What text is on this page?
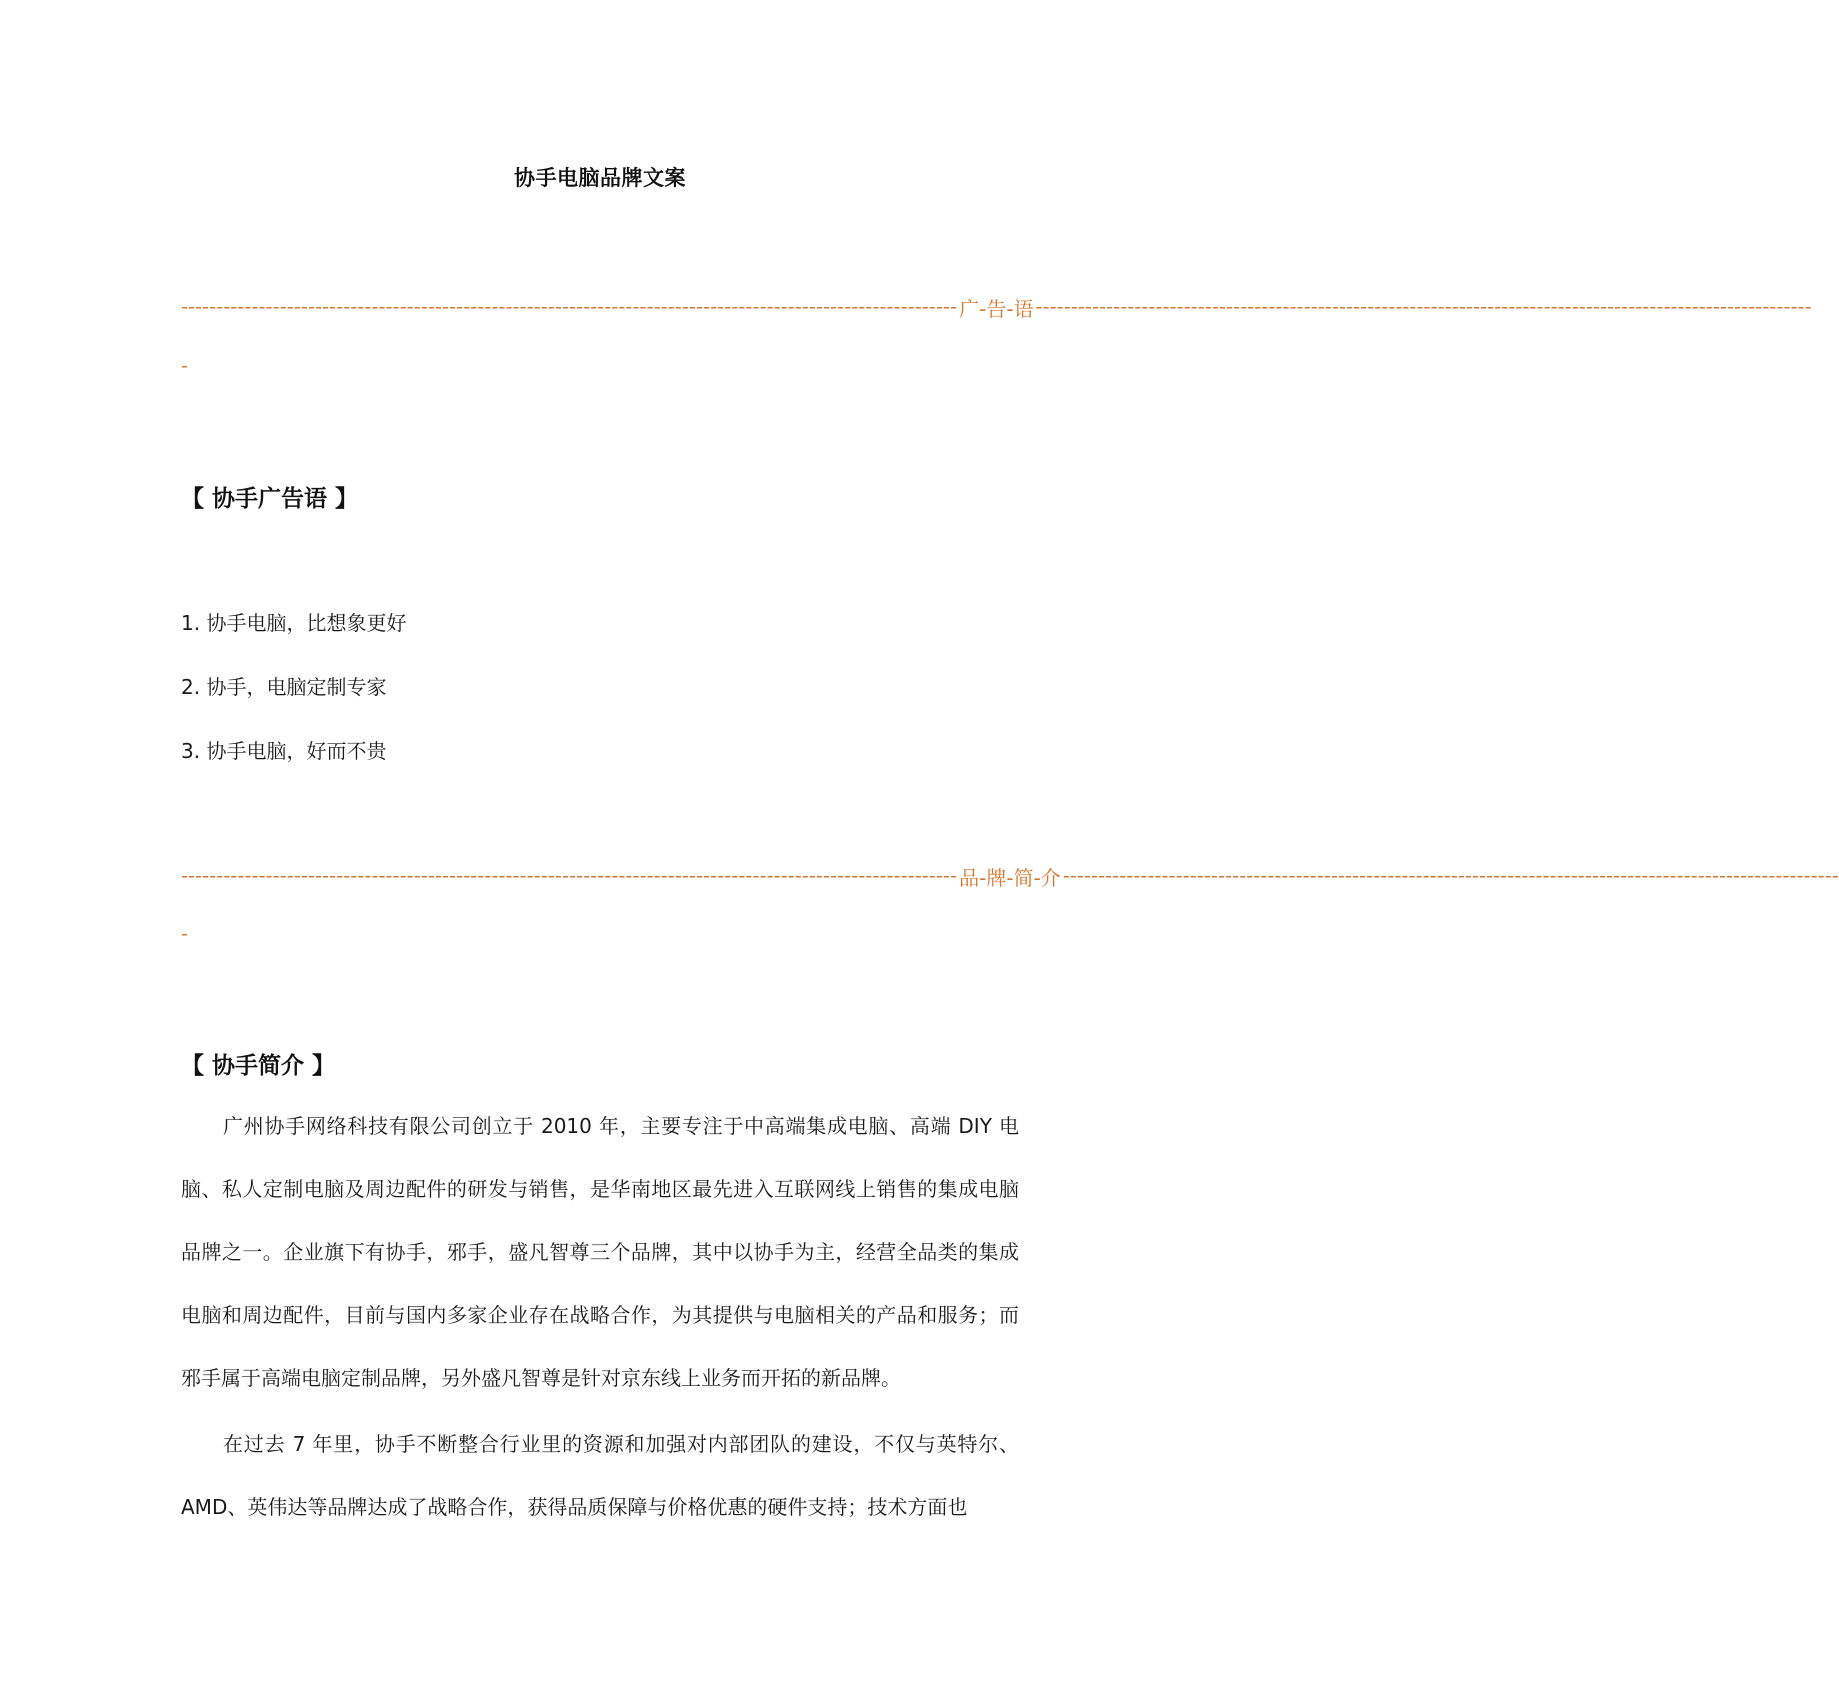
协手电脑品牌文案
-------------------------------------------------------------------------------------------------------------- 广-告-语 --------------------------------------------------------------------------------------------------------------
-
【 协手广告语 】
1. 协手电脑，比想象更好
2. 协手，电脑定制专家
3. 协手电脑，好而不贵
-------------------------------------------------------------------------------------------------------------- 品-牌-简-介 --------------------------------------------------------------------------------------------------------------
-
【 协手简介 】

广州协手网络科技有限公司创立于 2010 年，主要专注于中高端集成电脑、高端 DIY 电脑、私人定制电脑及周边配件的研发与销售，是华南地区最先进入互联网线上销售的集成电脑品牌之一。企业旗下有协手，邪手，盛凡智尊三个品牌，其中以协手为主，经营全品类的集成电脑和周边配件，目前与国内多家企业存在战略合作，为其提供与电脑相关的产品和服务；而邪手属于高端电脑定制品牌，另外盛凡智尊是针对京东线上业务而开拓的新品牌。

在过去 7 年里，协手不断整合行业里的资源和加强对内部团队的建设，不仅与英特尔、AMD、英伟达等品牌达成了战略合作，获得品质保障与价格优惠的硬件支持；技术方面也
